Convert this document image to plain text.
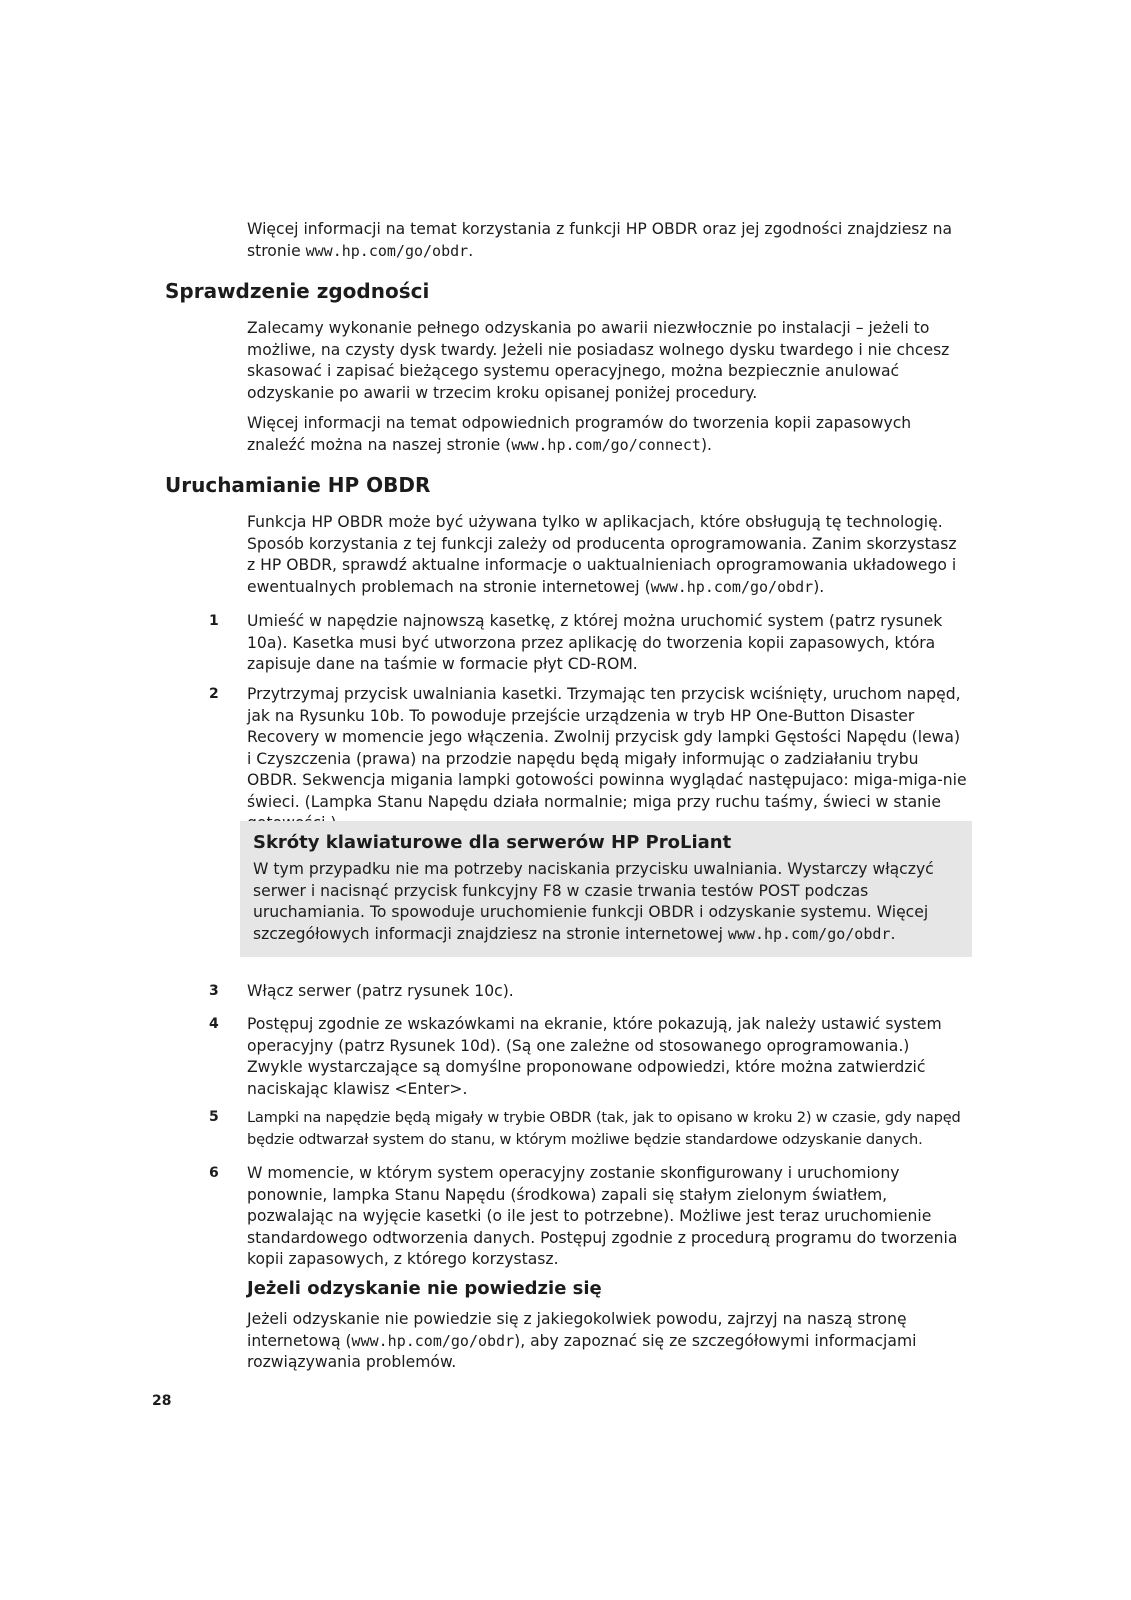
Więcej informacji na temat korzystania z funkcji HP OBDR oraz jej zgodności znajdziesz na stronie www.hp.com/go/obdr.

Sprawdzenie zgodności

Zalecamy wykonanie pełnego odzyskania po awarii niezwłocznie po instalacji – jeżeli to możliwe, na czysty dysk twardy. Jeżeli nie posiadasz wolnego dysku twardego i nie chcesz skasować i zapisać bieżącego systemu operacyjnego, można bezpiecznie anulować odzyskanie po awarii w trzecim kroku opisanej poniżej procedury.

Więcej informacji na temat odpowiednich programów do tworzenia kopii zapasowych znaleźć można na naszej stronie (www.hp.com/go/connect).

Uruchamianie HP OBDR

Funkcja HP OBDR może być używana tylko w aplikacjach, które obsługują tę technologię. Sposób korzystania z tej funkcji zależy od producenta oprogramowania. Zanim skorzystasz z HP OBDR, sprawdź aktualne informacje o uaktualnieniach oprogramowania układowego i ewentualnych problemach na stronie internetowej (www.hp.com/go/obdr).

1 Umieść w napędzie najnowszą kasetkę, z której można uruchomić system (patrz rysunek 10a). Kasetka musi być utworzona przez aplikację do tworzenia kopii zapasowych, która zapisuje dane na taśmie w formacie płyt CD-ROM.

2 Przytrzymaj przycisk uwalniania kasetki. Trzymając ten przycisk wciśnięty, uruchom napęd, jak na Rysunku 10b. To powoduje przejście urządzenia w tryb HP One-Button Disaster Recovery w momencie jego włączenia. Zwolnij przycisk gdy lampki Gęstości Napędu (lewa) i Czyszczenia (prawa) na przodzie napędu będą migały informując o zadziałaniu trybu OBDR. Sekwencja migania lampki gotowości powinna wyglądać następujaco: miga-miga-nie świeci. (Lampka Stanu Napędu działa normalnie; miga przy ruchu taśmy, świeci w stanie

Skróty klawiaturowe dla serwerów HP ProLiant

W tym przypadku nie ma potrzeby naciskania przycisku uwalniania. Wystarczy włączyć serwer i nacisnąć przycisk funkcyjny F8 w czasie trwania testów POST podczas uruchamiania. To spowoduje uruchomienie funkcji OBDR i odzyskanie systemu. Więcej szczegółowych informacji znajdziesz na stronie internetowej www.hp.com/go/obdr.

3 Włącz serwer (patrz rysunek 10c).

4 Postępuj zgodnie ze wskazówkami na ekranie, które pokazują, jak należy ustawić system operacyjny (patrz Rysunek 10d). (Są one zależne od stosowanego oprogramowania.) Zwykle wystarczające są domyślne proponowane odpowiedzi, które można zatwierdzić naciskając klawisz <Enter>.

5 Lampki na napędzie będą migały w trybie OBDR (tak, jak to opisano w kroku 2) w czasie, gdy napęd będzie odtwarzał system do stanu, w którym możliwe będzie standardowe odzyskanie danych.

6 W momencie, w którym system operacyjny zostanie skonfigurowany i uruchomiony ponownie, lampka Stanu Napędu (środkowa) zapali się stałym zielonym światłem, pozwalając na wyjęcie kasetki (o ile jest to potrzebne). Możliwe jest teraz uruchomienie standardowego odtworzenia danych. Postępuj zgodnie z procedurą programu do tworzenia kopii zapasowych, z którego korzystasz.

Jeżeli odzyskanie nie powiedzie się

Jeżeli odzyskanie nie powiedzie się z jakiegokolwiek powodu, zajrzyj na naszą stronę internetową (www.hp.com/go/obdr), aby zapoznać się ze szczegółowymi informacjami rozwiązywania problemów.

28
